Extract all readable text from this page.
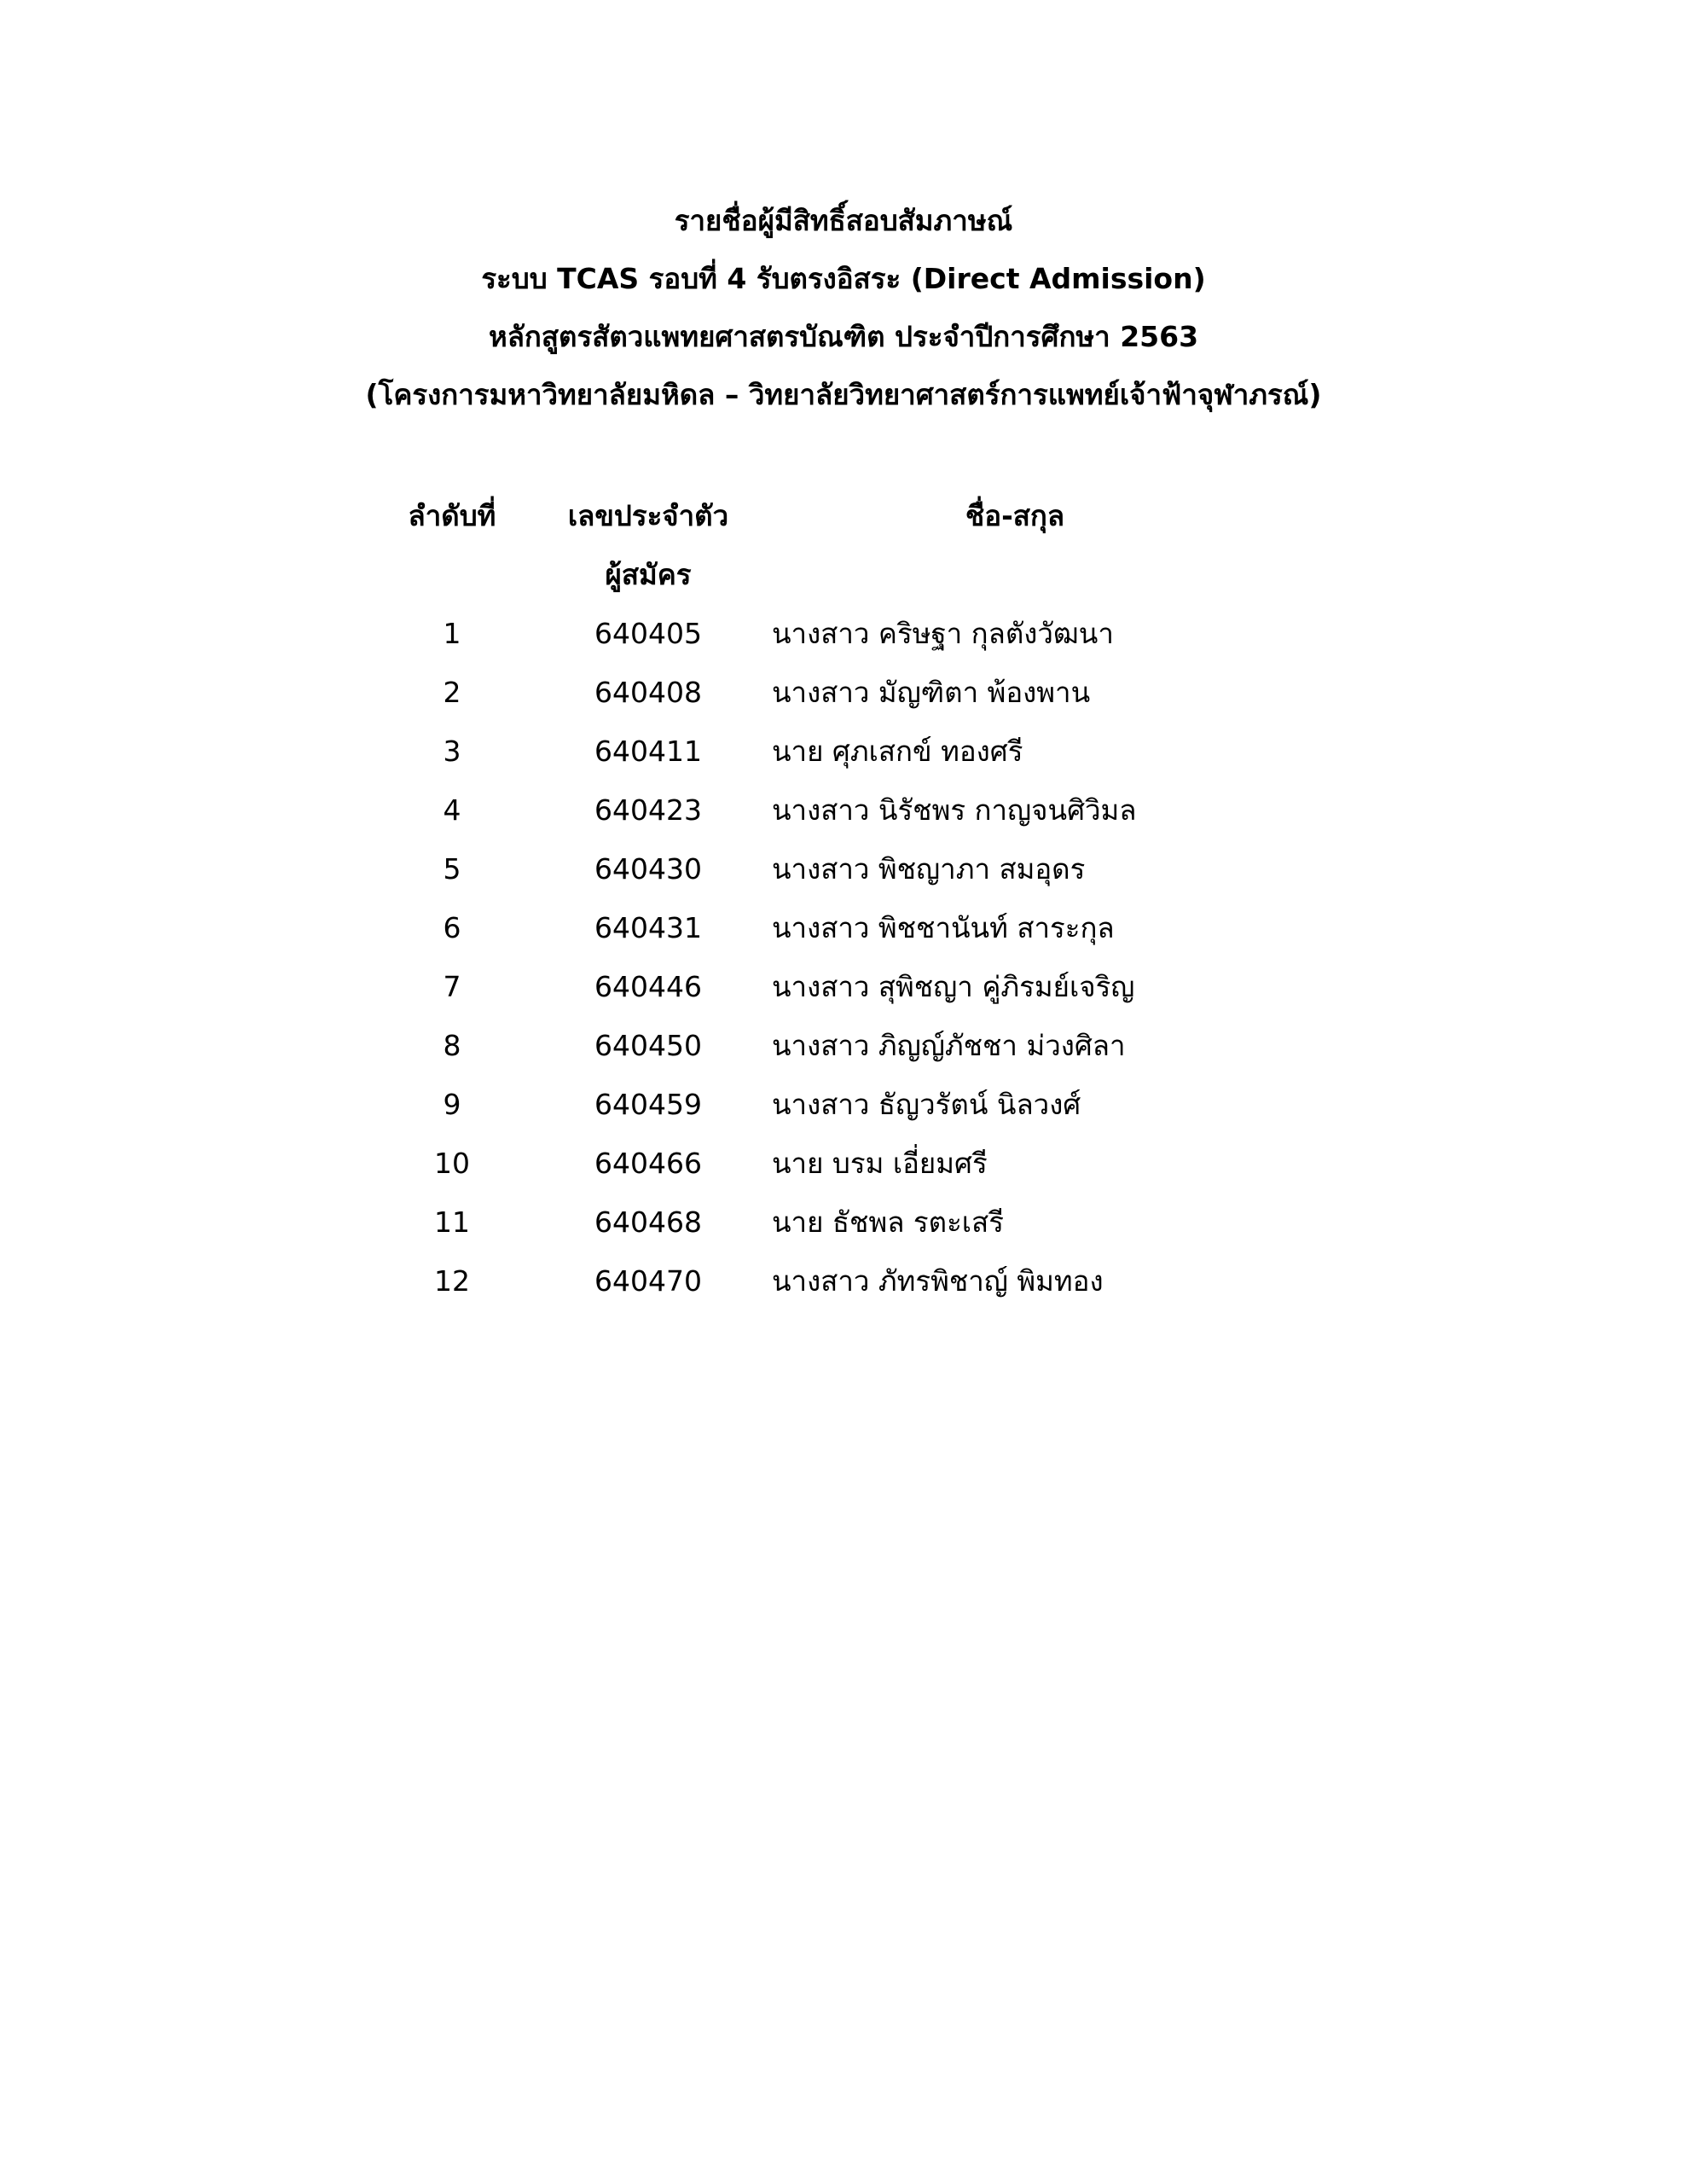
รายชื่อผู้มีสิทธิ์สอบสัมภาษณ์
ระบบ TCAS รอบที่ 4 รับตรงอิสระ (Direct Admission)
หลักสูตรสัตวแพทยศาสตรบัณฑิต ประจำปีการศึกษา 2563
(โครงการมหาวิทยาลัยมหิดล – วิทยาลัยวิทยาศาสตร์การแพทย์เจ้าฟ้าจุฬาภรณ์)
ลำดับที่	เลขประจำตัว	ชื่อ-สกุล
ผู้สมัคร
1	640405	นางสาว คริษฐา กุลตังวัฒนา
2	640408	นางสาว มัญฑิตา พ้องพาน
3	640411	นาย ศุภเสกข์ ทองศรี
4	640423	นางสาว นิรัชพร กาญจนศิวิมล
5	640430	นางสาว พิชญาภา สมอุดร
6	640431	นางสาว พิชชานันท์ สาระกุล
7	640446	นางสาว สุพิชญา คู่ภิรมย์เจริญ
8	640450	นางสาว ภิญญ์ภัชชา ม่วงศิลา
9	640459	นางสาว ธัญวรัตน์ นิลวงศ์
10	640466	นาย บรม เอี่ยมศรี
11	640468	นาย ธัชพล รตะเสรี
12	640470	นางสาว ภัทรพิชาญ์ พิมทอง
